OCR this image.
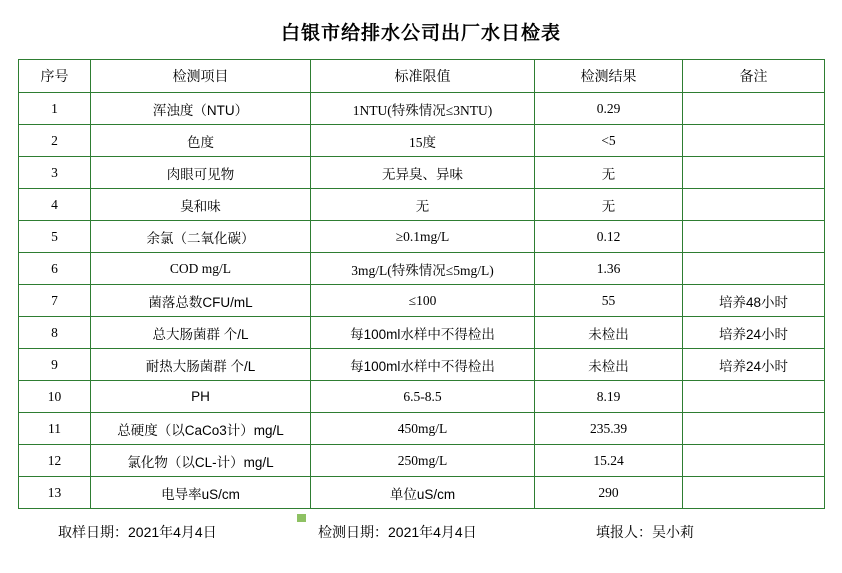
白银市给排水公司出厂水日检表
序号	检测项目	标准限值	检测结果	备注
1	浑浊度（NTU）	1NTU(特殊情况≤3NTU)	0.29	
2	色度	15度	<5	
3	肉眼可见物	无异臭、异味	无	
4	臭和味	无	无	
5	余氯（二氧化碳）	≥0.1mg/L	0.12	
6	COD mg/L	3mg/L(特殊情况≤5mg/L)	1.36	
7	菌落总数CFU/mL	≤100	55	培养48小时
8	总大肠菌群 个/L	每100ml水样中不得检出	未检出	培养24小时
9	耐热大肠菌群 个/L	每100ml水样中不得检出	未检出	培养24小时
10	PH	6.5-8.5	8.19	
11	总硬度（以CaCo3计）mg/L	450mg/L	235.39	
12	氯化物（以CL-计）mg/L	250mg/L	15.24	
13	电导率uS/cm	单位uS/cm	290	
取样日期：2021年4月4日	检测日期：2021年4月4日	填报人：吴小莉
